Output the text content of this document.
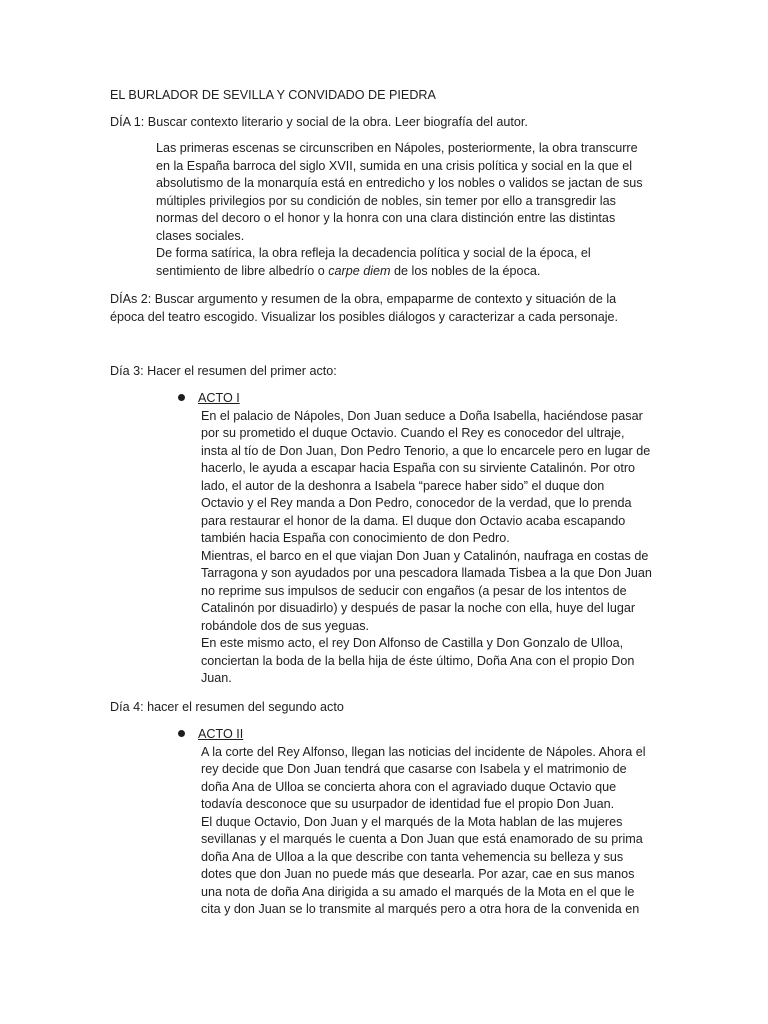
EL BURLADOR DE SEVILLA Y CONVIDADO DE PIEDRA
DÍA 1: Buscar contexto literario y social de la obra. Leer biografía del autor.
Las primeras escenas se circunscriben en Nápoles, posteriormente, la obra transcurre
en la España barroca del siglo XVII, sumida en una crisis política y social en la que el
absolutismo de la monarquía está en entredicho y los nobles o validos se jactan de sus
múltiples privilegios por su condición de nobles, sin temer por ello a transgredir las
normas del decoro o el honor y la honra con una clara distinción entre las distintas
clases sociales.
De forma satírica, la obra refleja la decadencia política y social de la época, el
sentimiento de libre albedrío o carpe diem de los nobles de la época.
DÍAs 2: Buscar argumento y resumen de la obra, empaparme de contexto y situación de la
época del teatro escogido. Visualizar los posibles diálogos y caracterizar a cada personaje.
Día 3: Hacer el resumen del primer acto:
ACTO I
En el palacio de Nápoles, Don Juan seduce a Doña Isabella, haciéndose pasar
por su prometido el duque Octavio. Cuando el Rey es conocedor del ultraje,
insta al tío de Don Juan, Don Pedro Tenorio, a que lo encarcele pero en lugar de
hacerlo, le ayuda a escapar hacia España con su sirviente Catalinón. Por otro
lado, el autor de la deshonra a Isabela “parece haber sido” el duque don
Octavio y el Rey manda a Don Pedro, conocedor de la verdad, que lo prenda
para restaurar el honor de la dama. El duque don Octavio acaba escapando
también hacia España con conocimiento de don Pedro.
Mientras, el barco en el que viajan Don Juan y Catalinón, naufraga en costas de
Tarragona y son ayudados por una pescadora llamada Tisbea a la que Don Juan
no reprime sus impulsos de seducir con engaños (a pesar de los intentos de
Catalinón por disuadirlo) y después de pasar la noche con ella, huye del lugar
robándole dos de sus yeguas.
En este mismo acto, el rey Don Alfonso de Castilla y Don Gonzalo de Ulloa,
conciertan la boda de la bella hija de éste último, Doña Ana con el propio Don
Juan.
Día 4: hacer el resumen del segundo acto
ACTO II
A la corte del Rey Alfonso, llegan las noticias del incidente de Nápoles. Ahora el
rey decide que Don Juan tendrá que casarse con Isabela y el matrimonio de
doña Ana de Ulloa se concierta ahora con el agraviado duque Octavio que
todavía desconoce que su usurpador de identidad fue el propio Don Juan.
El duque Octavio, Don Juan y el marqués de la Mota hablan de las mujeres
sevillanas y el marqués le cuenta a Don Juan que está enamorado de su prima
doña Ana de Ulloa a la que describe con tanta vehemencia su belleza y sus
dotes que don Juan no puede más que desearla. Por azar, cae en sus manos
una nota de doña Ana dirigida a su amado el marqués de la Mota en el que le
cita y don Juan se lo transmite al marqués pero a otra hora de la convenida en
